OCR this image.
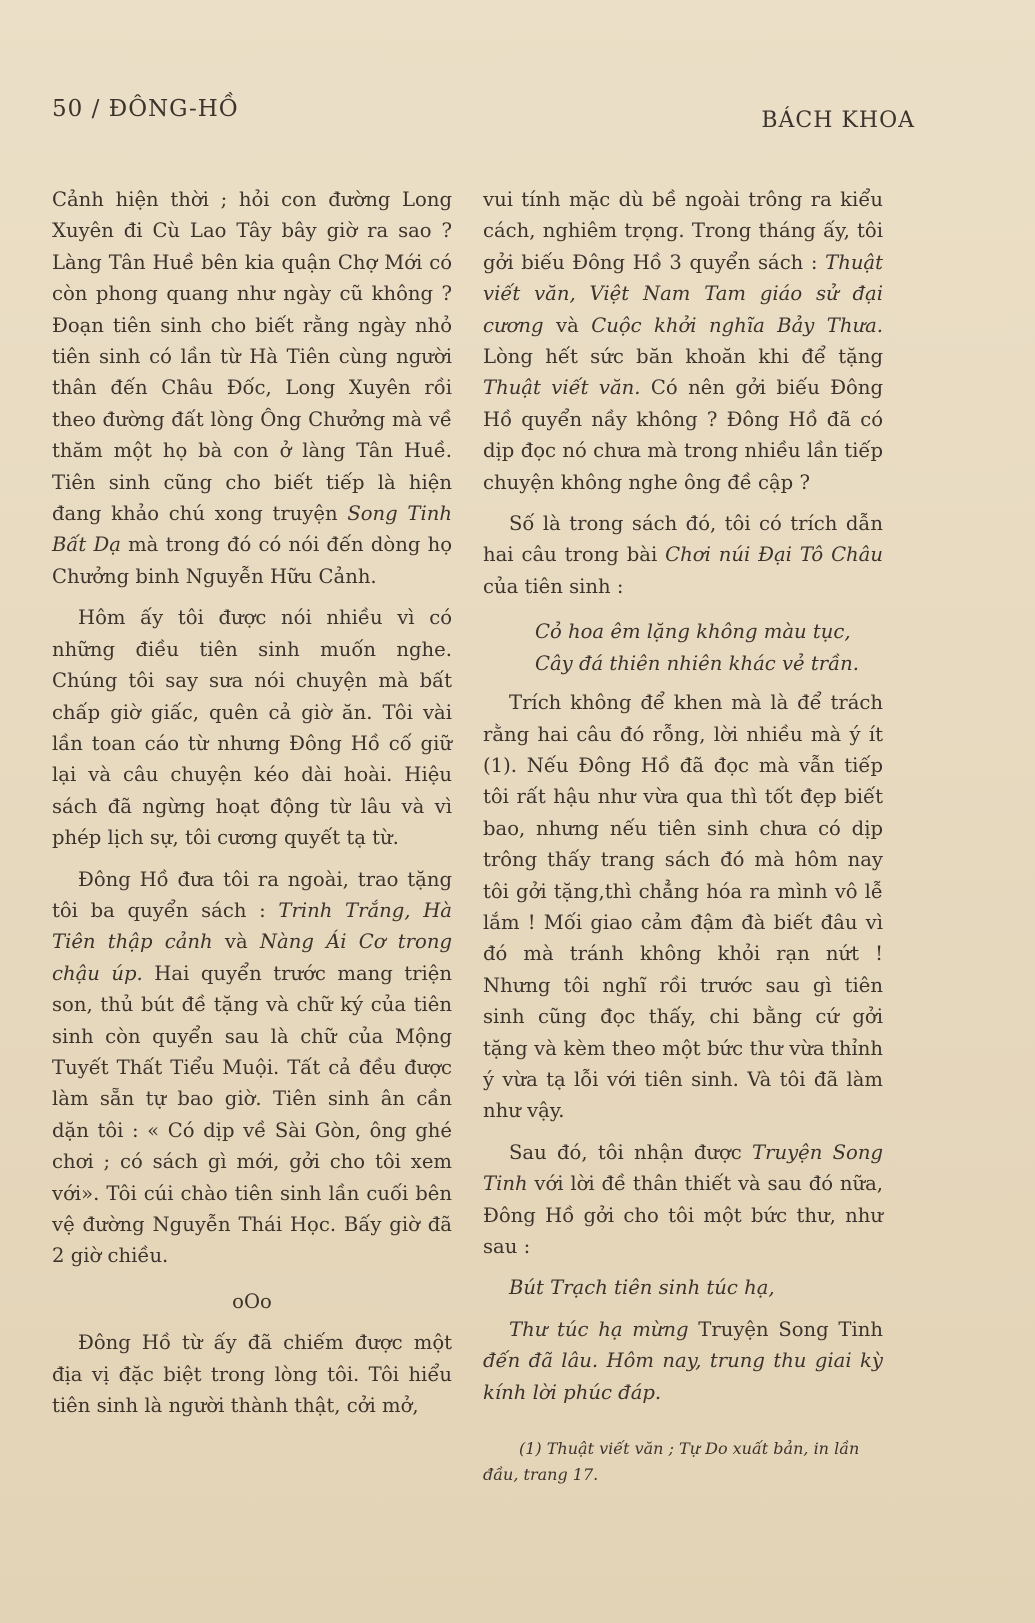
50 / ĐÔNG-HỒ	BÁCH KHOA

Cảnh hiện thời ; hỏi con đường Long Xuyên đi Cù Lao Tây bây giờ ra sao ? Làng Tân Huề bên kia quận Chợ Mới có còn phong quang như ngày cũ không ? Đoạn tiên sinh cho biết rằng ngày nhỏ tiên sinh có lần từ Hà Tiên cùng người thân đến Châu Đốc, Long Xuyên rồi theo đường đất lòng Ông Chưởng mà về thăm một họ bà con ở làng Tân Huề. Tiên sinh cũng cho biết tiếp là hiện đang khảo chú xong truyện Song Tinh Bất Dạ mà trong đó có nói đến dòng họ Chưởng binh Nguyễn Hữu Cảnh.

Hôm ấy tôi được nói nhiều vì có những điều tiên sinh muốn nghe. Chúng tôi say sưa nói chuyện mà bất chấp giờ giấc, quên cả giờ ăn. Tôi vài lần toan cáo từ nhưng Đông Hồ cố giữ lại và câu chuyện kéo dài hoài. Hiệu sách đã ngừng hoạt động từ lâu và vì phép lịch sự, tôi cương quyết tạ từ.

Đông Hồ đưa tôi ra ngoài, trao tặng tôi ba quyển sách : Trinh Trắng, Hà Tiên thập cảnh và Nàng Ái Cơ trong chậu úp. Hai quyển trước mang triện son, thủ bút đề tặng và chữ ký của tiên sinh còn quyển sau là chữ của Mộng Tuyết Thất Tiểu Muội. Tất cả đều được làm sẵn tự bao giờ. Tiên sinh ân cần dặn tôi : « Có dịp về Sài Gòn, ông ghé chơi ; có sách gì mới, gởi cho tôi xem với». Tôi cúi chào tiên sinh lần cuối bên vệ đường Nguyễn Thái Học. Bấy giờ đã 2 giờ chiều.

oOo

Đông Hồ từ ấy đã chiếm được một địa vị đặc biệt trong lòng tôi. Tôi hiểu tiên sinh là người thành thật, cởi mở,

vui tính mặc dù bề ngoài trông ra kiểu cách, nghiêm trọng. Trong tháng ấy, tôi gởi biếu Đông Hồ 3 quyển sách : Thuật viết văn, Việt Nam Tam giáo sử đại cương và Cuộc khởi nghĩa Bảy Thưa. Lòng hết sức băn khoăn khi để tặng Thuật viết văn. Có nên gởi biếu Đông Hồ quyển nầy không ? Đông Hồ đã có dịp đọc nó chưa mà trong nhiều lần tiếp chuyện không nghe ông đề cập ?

Số là trong sách đó, tôi có trích dẫn hai câu trong bài Chơi núi Đại Tô Châu của tiên sinh :

Cỏ hoa êm lặng không màu tục,
Cây đá thiên nhiên khác vẻ trần.

Trích không để khen mà là để trách rằng hai câu đó rỗng, lời nhiều mà ý ít (1). Nếu Đông Hồ đã đọc mà vẫn tiếp tôi rất hậu như vừa qua thì tốt đẹp biết bao, nhưng nếu tiên sinh chưa có dịp trông thấy trang sách đó mà hôm nay tôi gởi tặng,thì chẳng hóa ra mình vô lễ lắm ! Mối giao cảm đậm đà biết đâu vì đó mà tránh không khỏi rạn nứt ! Nhưng tôi nghĩ rồi trước sau gì tiên sinh cũng đọc thấy, chi bằng cứ gởi tặng và kèm theo một bức thư vừa thỉnh ý vừa tạ lỗi với tiên sinh. Và tôi đã làm như vậy.

Sau đó, tôi nhận được Truyện Song Tinh với lời đề thân thiết và sau đó nữa, Đông Hồ gởi cho tôi một bức thư, như sau :

Bút Trạch tiên sinh túc hạ,

Thư túc hạ mừng Truyện Song Tinh đến đã lâu. Hôm nay, trung thu giai kỳ kính lời phúc đáp.

(1) Thuật viết văn ; Tự Do xuất bản, in lần đầu, trang 17.
